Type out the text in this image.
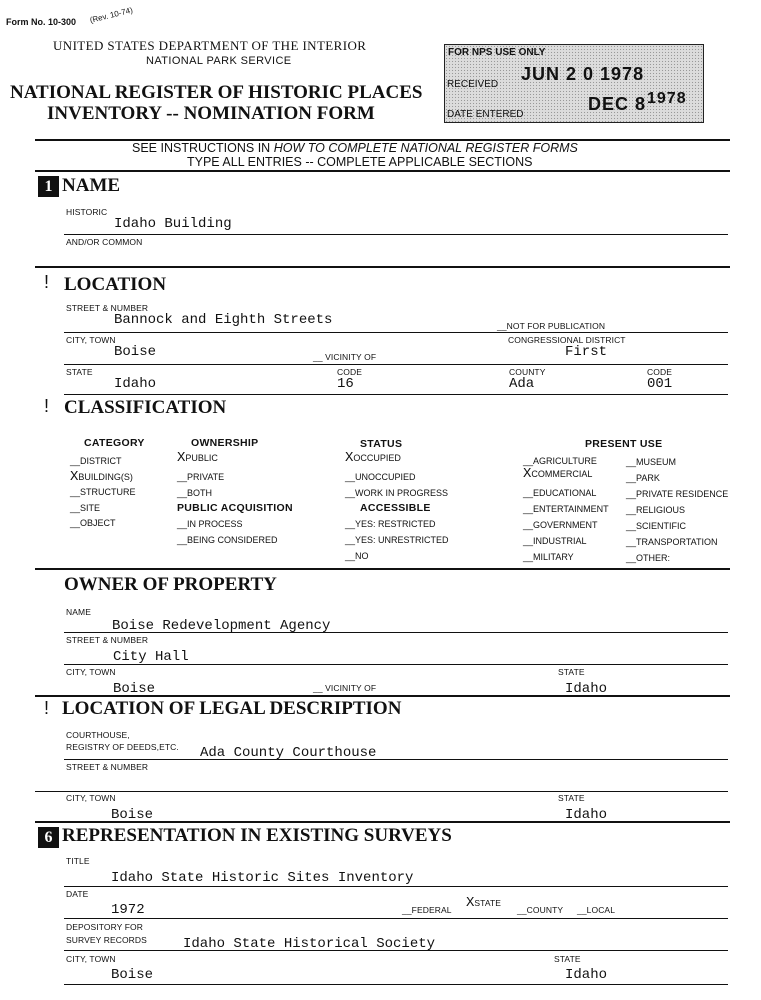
Form No. 10-300 (Rev. 10-74)
UNITED STATES DEPARTMENT OF THE INTERIOR
NATIONAL PARK SERVICE
NATIONAL REGISTER OF HISTORIC PLACES
INVENTORY -- NOMINATION FORM
FOR NPS USE ONLY
RECEIVED
JUN 2 0 1978
DATE ENTERED
DEC 8 1978
SEE INSTRUCTIONS IN HOW TO COMPLETE NATIONAL REGISTER FORMS
TYPE ALL ENTRIES -- COMPLETE APPLICABLE SECTIONS
1 NAME
HISTORIC
Idaho Building
AND/OR COMMON
! LOCATION
STREET & NUMBER
Bannock and Eighth Streets	__NOT FOR PUBLICATION
CITY, TOWN
Boise	__ VICINITY OF
CONGRESSIONAL DISTRICT
First
STATE
Idaho
CODE
16
COUNTY
Ada
CODE
001
! CLASSIFICATION
CATEGORY
__DISTRICT
XBUILDING(S)
__STRUCTURE
__SITE
__OBJECT
OWNERSHIP
XPUBLIC
__PRIVATE
__BOTH
PUBLIC ACQUISITION
__IN PROCESS
__BEING CONSIDERED
STATUS
XOCCUPIED
__UNOCCUPIED
__WORK IN PROGRESS
ACCESSIBLE
__YES: RESTRICTED
__YES: UNRESTRICTED
__NO
PRESENT USE
__AGRICULTURE
XCOMMERCIAL
__EDUCATIONAL
__ENTERTAINMENT
__GOVERNMENT
__INDUSTRIAL
__MILITARY
__MUSEUM
__PARK
__PRIVATE RESIDENCE
__RELIGIOUS
__SCIENTIFIC
__TRANSPORTATION
__OTHER:
OWNER OF PROPERTY
NAME
Boise Redevelopment Agency
STREET & NUMBER
City Hall
CITY, TOWN
Boise	__ VICINITY OF
STATE
Idaho
! LOCATION OF LEGAL DESCRIPTION
COURTHOUSE,
REGISTRY OF DEEDS,ETC. Ada County Courthouse
STREET & NUMBER
CITY, TOWN
Boise
STATE
Idaho
6 REPRESENTATION IN EXISTING SURVEYS
TITLE
Idaho State Historic Sites Inventory
DATE
1972	__FEDERAL XSTATE
__COUNTY __LOCAL
DEPOSITORY FOR
SURVEY RECORDS	Idaho State Historical Society
CITY, TOWN
Boise
STATE
Idaho
